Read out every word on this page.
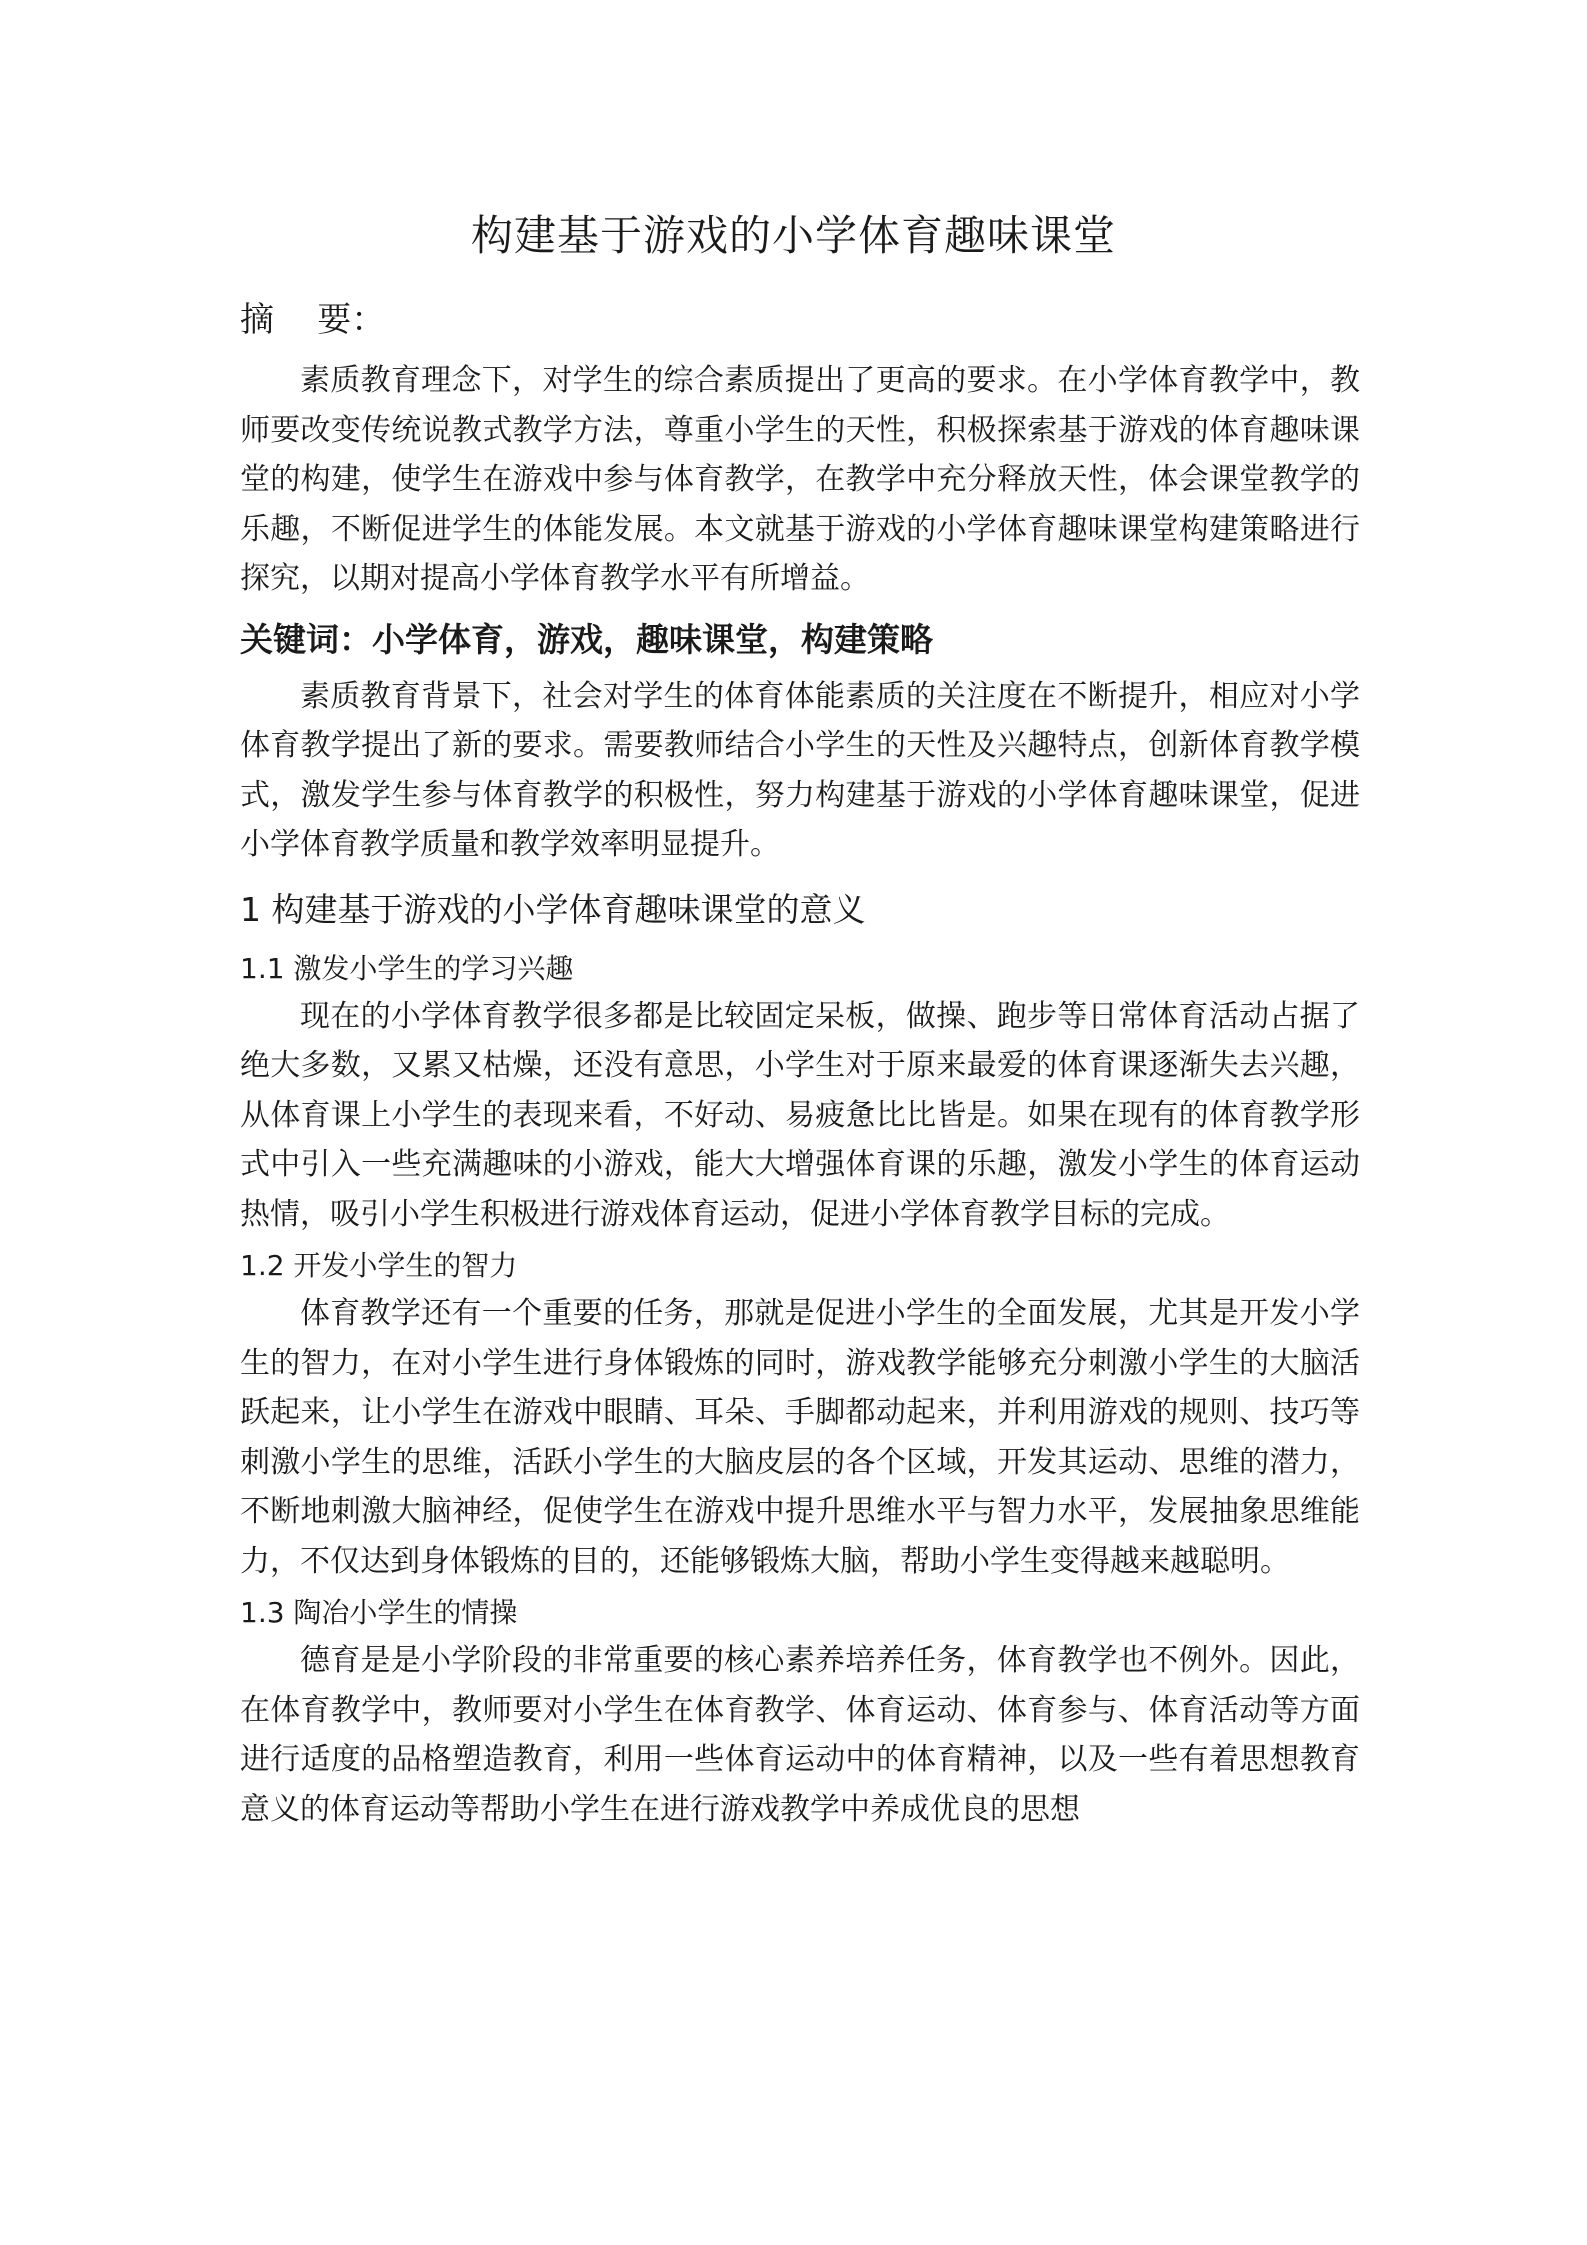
构建基于游戏的小学体育趣味课堂
摘    要：

素质教育理念下，对学生的综合素质提出了更高的要求。在小学体育教学中，教师要改变传统说教式教学方法，尊重小学生的天性，积极探索基于游戏的体育趣味课堂的构建，使学生在游戏中参与体育教学，在教学中充分释放天性，体会课堂教学的乐趣，不断促进学生的体能发展。本文就基于游戏的小学体育趣味课堂构建策略进行探究，以期对提高小学体育教学水平有所增益。

关键词：小学体育，游戏，趣味课堂，构建策略

素质教育背景下，社会对学生的体育体能素质的关注度在不断提升，相应对小学体育教学提出了新的要求。需要教师结合小学生的天性及兴趣特点，创新体育教学模式，激发学生参与体育教学的积极性，努力构建基于游戏的小学体育趣味课堂，促进小学体育教学质量和教学效率明显提升。

1 构建基于游戏的小学体育趣味课堂的意义
1.1 激发小学生的学习兴趣

现在的小学体育教学很多都是比较固定呆板，做操、跑步等日常体育活动占据了绝大多数，又累又枯燥，还没有意思，小学生对于原来最爱的体育课逐渐失去兴趣，从体育课上小学生的表现来看，不好动、易疲惫比比皆是。如果在现有的体育教学形式中引入一些充满趣味的小游戏，能大大增强体育课的乐趣，激发小学生的体育运动热情，吸引小学生积极进行游戏体育运动，促进小学体育教学目标的完成。

1.2 开发小学生的智力

体育教学还有一个重要的任务，那就是促进小学生的全面发展，尤其是开发小学生的智力，在对小学生进行身体锻炼的同时，游戏教学能够充分刺激小学生的大脑活跃起来，让小学生在游戏中眼睛、耳朵、手脚都动起来，并利用游戏的规则、技巧等刺激小学生的思维，活跃小学生的大脑皮层的各个区域，开发其运动、思维的潜力，不断地刺激大脑神经，促使学生在游戏中提升思维水平与智力水平，发展抽象思维能力，不仅达到身体锻炼的目的，还能够锻炼大脑，帮助小学生变得越来越聪明。

1.3 陶冶小学生的情操

德育是是小学阶段的非常重要的核心素养培养任务，体育教学也不例外。因此，在体育教学中，教师要对小学生在体育教学、体育运动、体育参与、体育活动等方面进行适度的品格塑造教育，利用一些体育运动中的体育精神，以及一些有着思想教育意义的体育运动等帮助小学生在进行游戏教学中养成优良的思想
